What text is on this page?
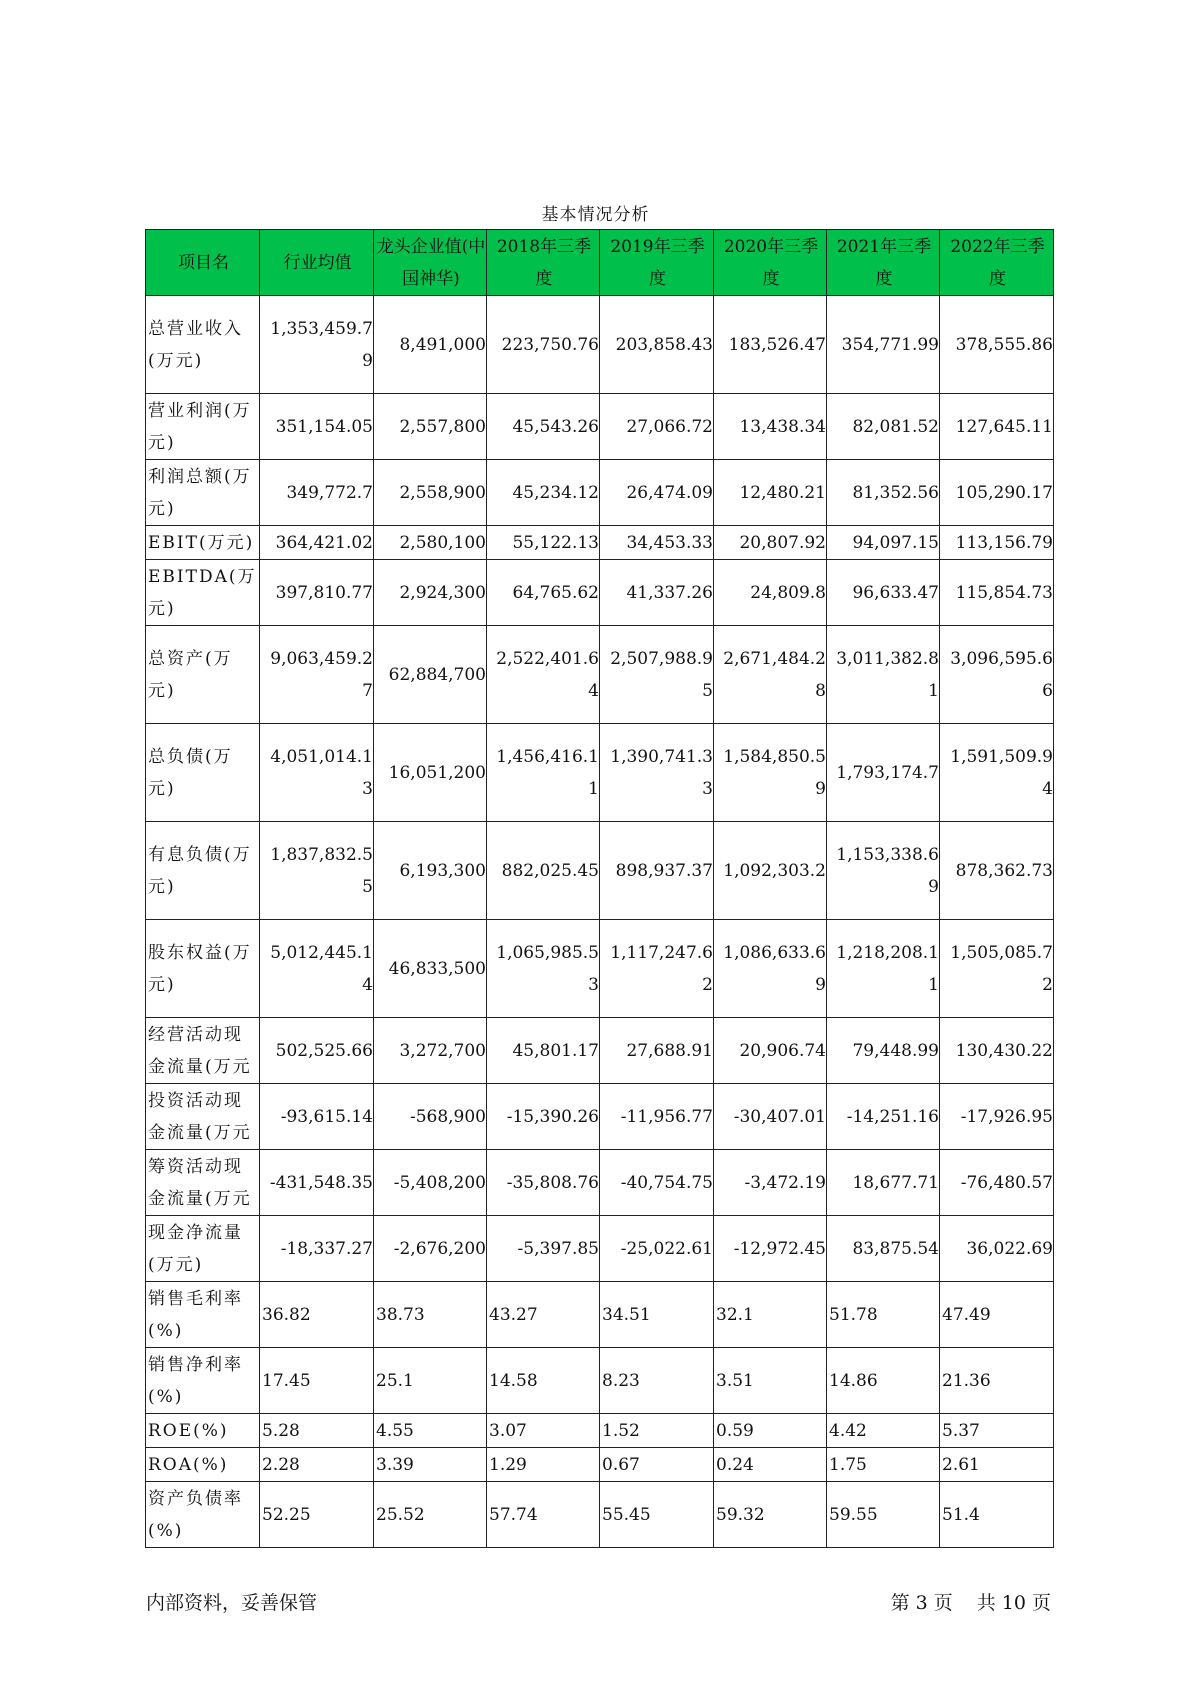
基本情况分析
项目名	行业均值	龙头企业值(中国神华)	2018年三季度	2019年三季度	2020年三季度	2021年三季度	2022年三季度
总营业收入(万元)	1,353,459.79	8,491,000	223,750.76	203,858.43	183,526.47	354,771.99	378,555.86
营业利润(万元)	351,154.05	2,557,800	45,543.26	27,066.72	13,438.34	82,081.52	127,645.11
利润总额(万元)	349,772.7	2,558,900	45,234.12	26,474.09	12,480.21	81,352.56	105,290.17
EBIT(万元)	364,421.02	2,580,100	55,122.13	34,453.33	20,807.92	94,097.15	113,156.79
EBITDA(万元)	397,810.77	2,924,300	64,765.62	41,337.26	24,809.8	96,633.47	115,854.73
总资产(万元)	9,063,459.27	62,884,700	2,522,401.64	2,507,988.95	2,671,484.28	3,011,382.81	3,096,595.66
总负债(万元)	4,051,014.13	16,051,200	1,456,416.11	1,390,741.33	1,584,850.59	1,793,174.7	1,591,509.94
有息负债(万元)	1,837,832.55	6,193,300	882,025.45	898,937.37	1,092,303.2	1,153,338.69	878,362.73
股东权益(万元)	5,012,445.14	46,833,500	1,065,985.53	1,117,247.62	1,086,633.69	1,218,208.11	1,505,085.72
经营活动现金流量(万元	502,525.66	3,272,700	45,801.17	27,688.91	20,906.74	79,448.99	130,430.22
投资活动现金流量(万元	-93,615.14	-568,900	-15,390.26	-11,956.77	-30,407.01	-14,251.16	-17,926.95
筹资活动现金流量(万元	-431,548.35	-5,408,200	-35,808.76	-40,754.75	-3,472.19	18,677.71	-76,480.57
现金净流量(万元)	-18,337.27	-2,676,200	-5,397.85	-25,022.61	-12,972.45	83,875.54	36,022.69
销售毛利率(%)	36.82	38.73	43.27	34.51	32.1	51.78	47.49
销售净利率(%)	17.45	25.1	14.58	8.23	3.51	14.86	21.36
ROE(%)	5.28	4.55	3.07	1.52	0.59	4.42	5.37
ROA(%)	2.28	3.39	1.29	0.67	0.24	1.75	2.61
资产负债率(%)	52.25	25.52	57.74	55.45	59.32	59.55	51.4
内部资料，妥善保管	第 3 页 共 10 页
